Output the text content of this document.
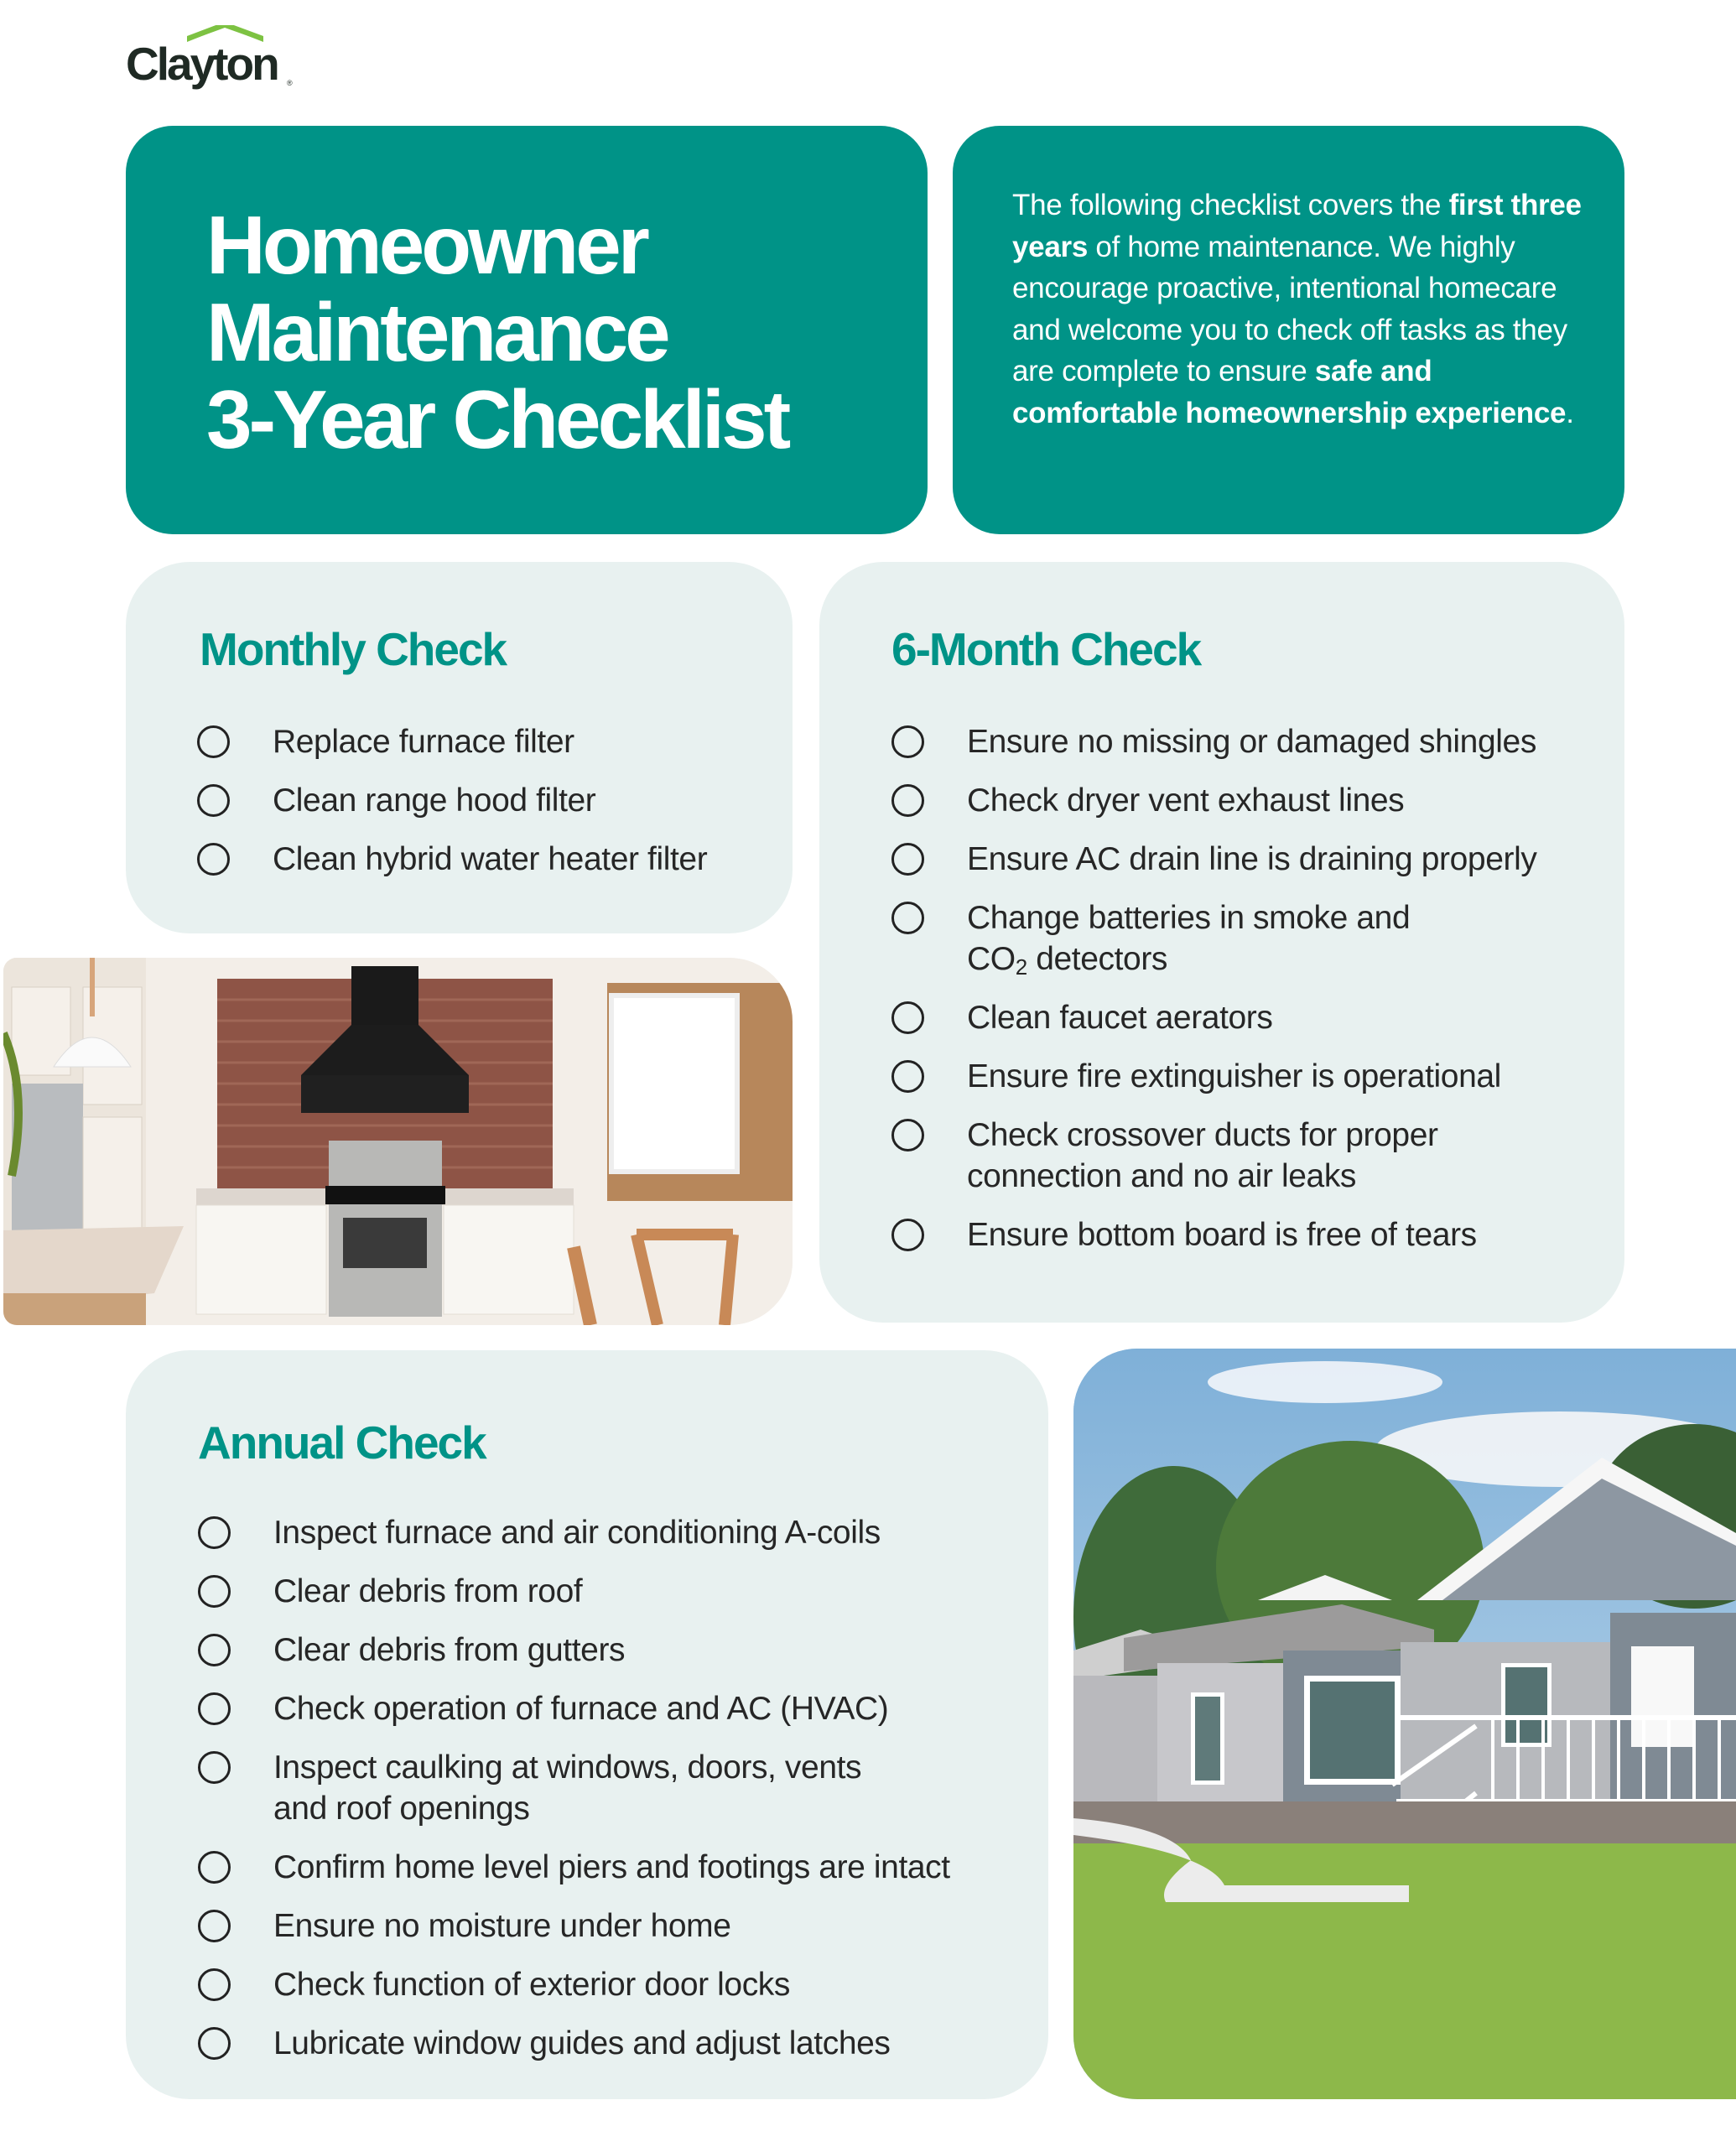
Clayton ®
Homeowner
Maintenance
3-Year Checklist

The following checklist covers the first three years of home maintenance. We highly encourage proactive, intentional homecare and welcome you to check off tasks as they are complete to ensure safe and comfortable homeownership experience.

Monthly Check
Replace furnace filter
Clean range hood filter
Clean hybrid water heater filter
6-Month Check
Ensure no missing or damaged shingles
Check dryer vent exhaust lines
Ensure AC drain line is draining properly
Change batteries in smoke and
$CO_2$ detectors
Clean faucet aerators
Ensure fire extinguisher is operational
Check crossover ducts for proper
connection and no air leaks
Ensure bottom board is free of tears
Annual Check
Inspect furnace and air conditioning A-coils
Clear debris from roof
Clear debris from gutters
Check operation of furnace and AC (HVAC)
Inspect caulking at windows, doors, vents
and roof openings
Confirm home level piers and footings are intact
Ensure no moisture under home
Check function of exterior door locks
Lubricate window guides and adjust latches
